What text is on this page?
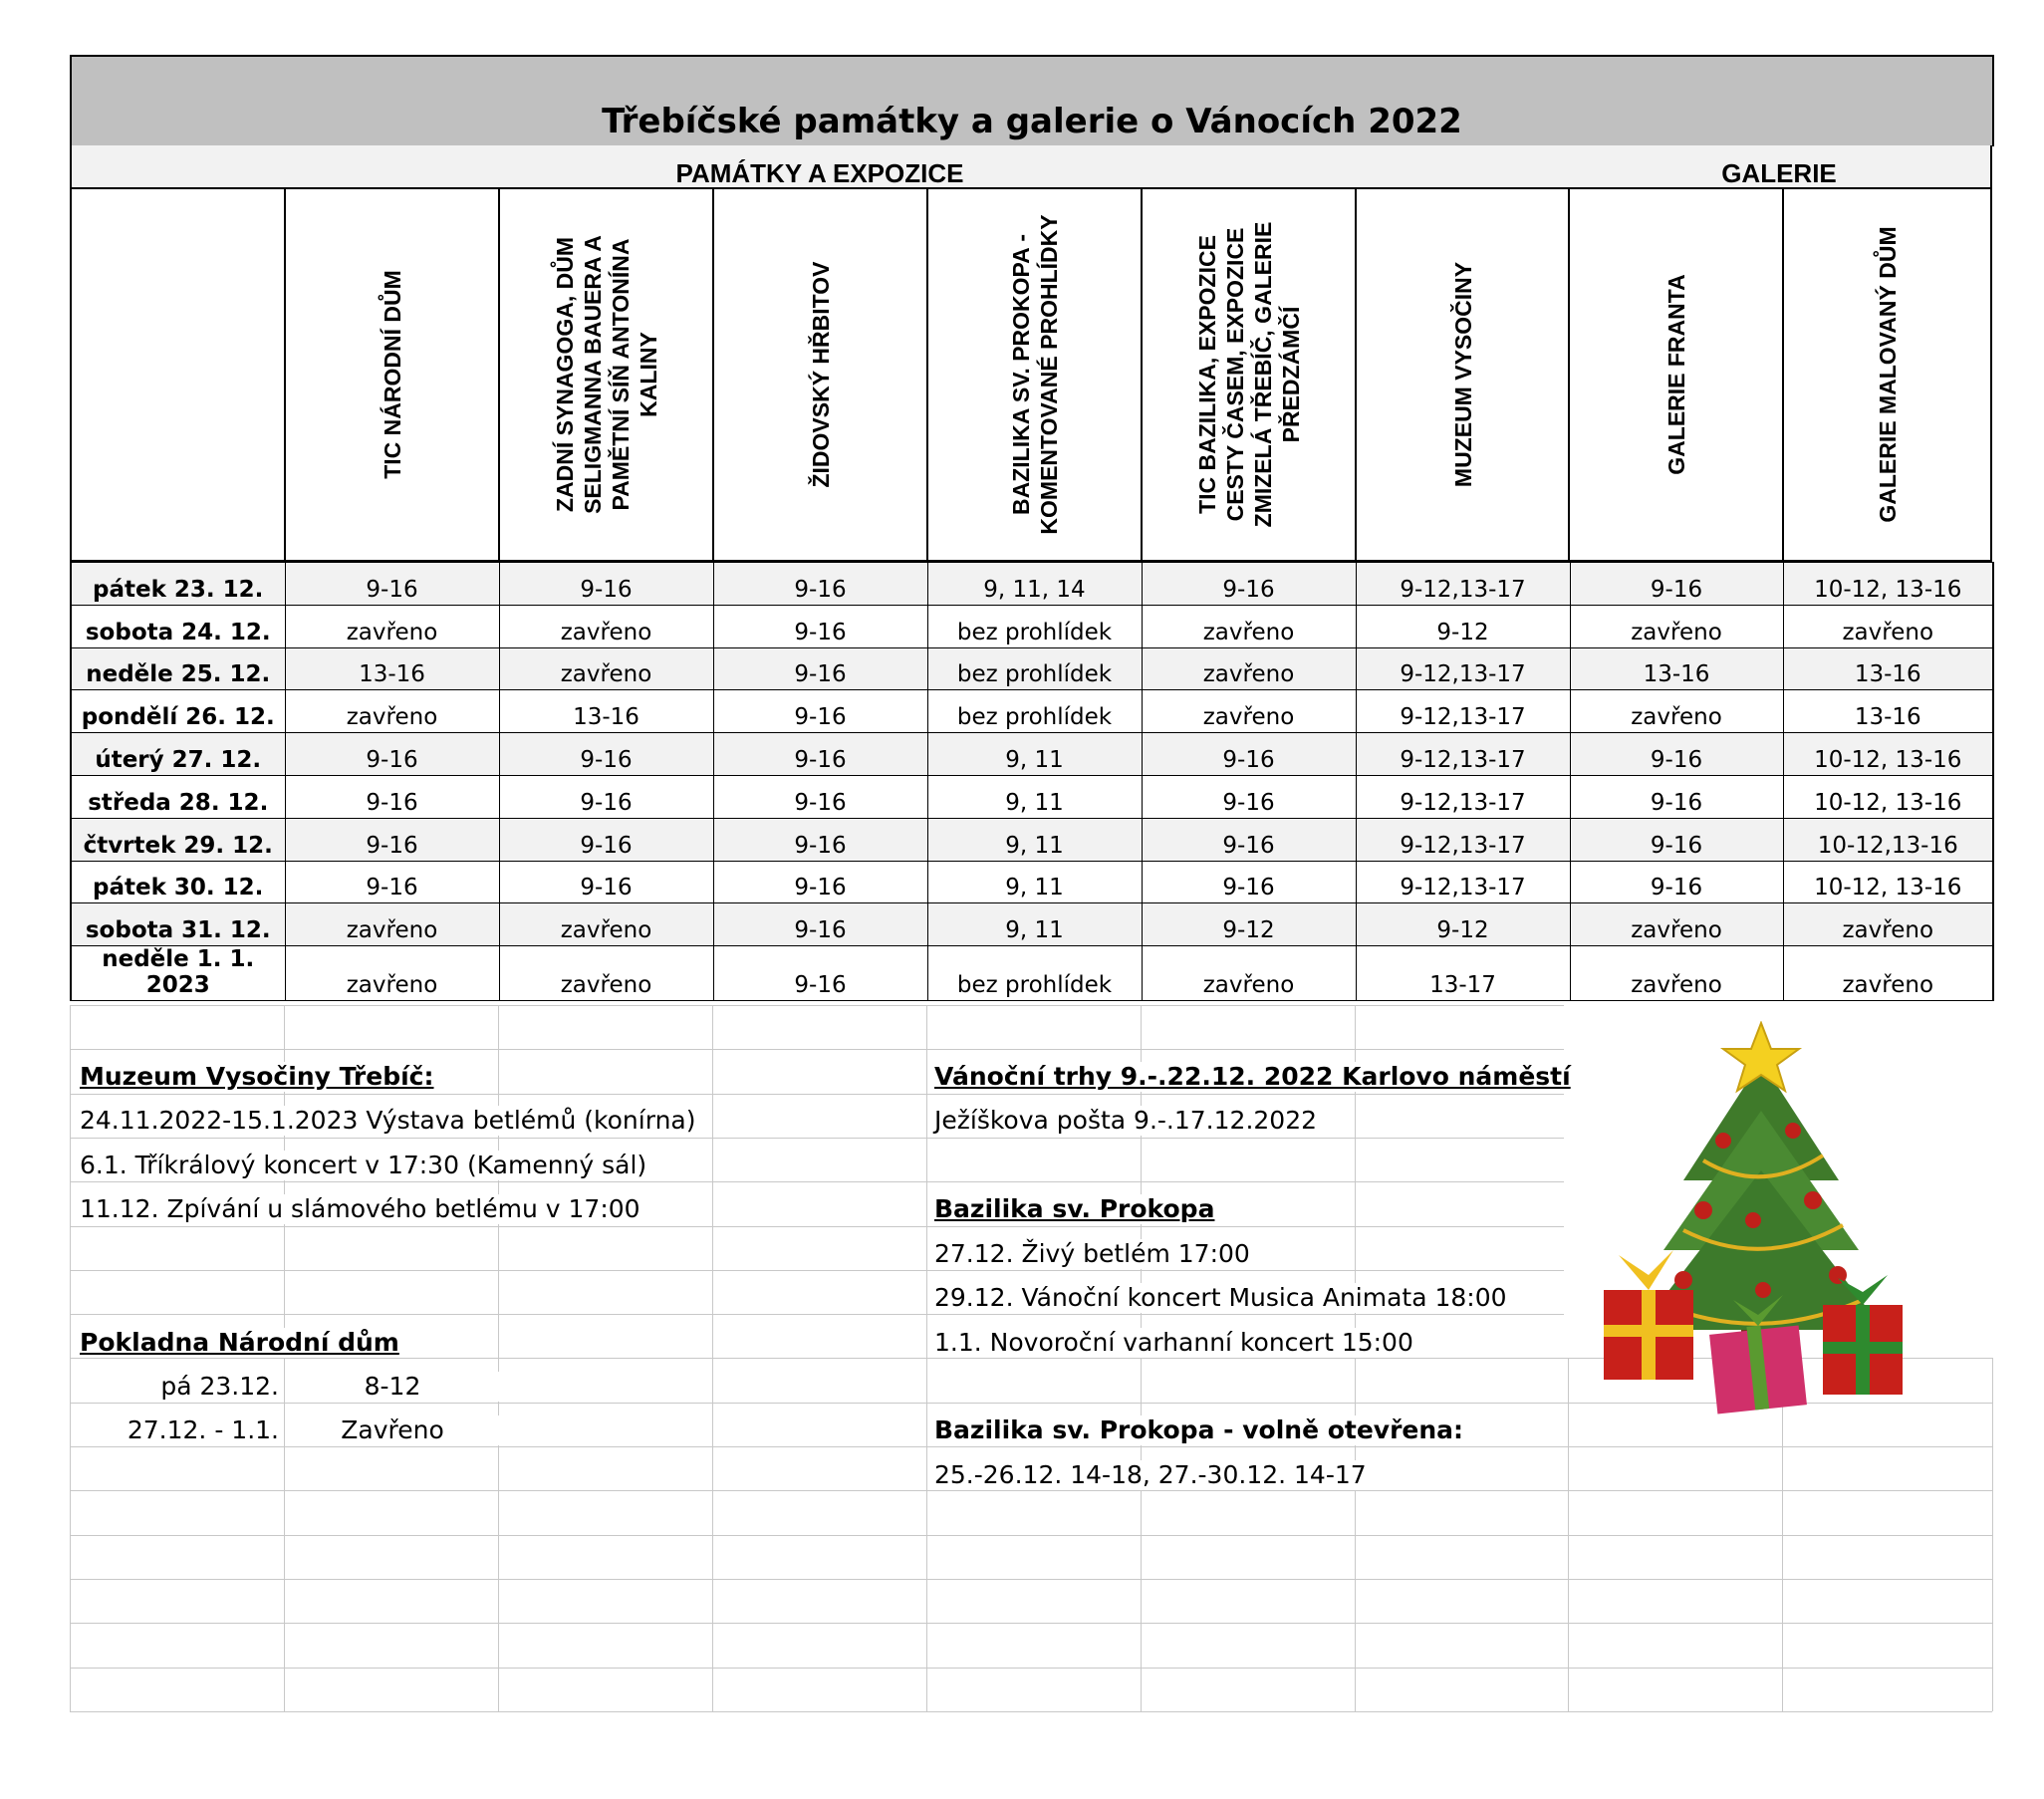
Třebíčské památky a galerie o Vánocích 2022
PAMÁTKY A EXPOZICE	GALERIE
TIC NÁRODNÍ DŮM	ZADNÍ SYNAGOGA, DŮM SELIGMANNA BAUERA A PAMĚTNÍ SÍŇ ANTONÍNA KALINY	ŽIDOVSKÝ HŘBITOV	BAZILIKA SV. PROKOPA - KOMENTOVANÉ PROHLÍDKY	TIC BAZILIKA, EXPOZICE CESTY ČASEM, EXPOZICE ZMIZELÁ TŘEBÍČ, GALERIE PŘEDZÁMČÍ	MUZEUM VYSOČINY	GALERIE FRANTA	GALERIE MALOVANÝ DŮM
pátek 23. 12.	9-16	9-16	9-16	9, 11, 14	9-16	9-12,13-17	9-16	10-12, 13-16
sobota 24. 12.	zavřeno	zavřeno	9-16	bez prohlídek	zavřeno	9-12	zavřeno	zavřeno
neděle 25. 12.	13-16	zavřeno	9-16	bez prohlídek	zavřeno	9-12,13-17	13-16	13-16
pondělí 26. 12.	zavřeno	13-16	9-16	bez prohlídek	zavřeno	9-12,13-17	zavřeno	13-16
úterý 27. 12.	9-16	9-16	9-16	9, 11	9-16	9-12,13-17	9-16	10-12, 13-16
středa 28. 12.	9-16	9-16	9-16	9, 11	9-16	9-12,13-17	9-16	10-12, 13-16
čtvrtek 29. 12.	9-16	9-16	9-16	9, 11	9-16	9-12,13-17	9-16	10-12,13-16
pátek 30. 12.	9-16	9-16	9-16	9, 11	9-16	9-12,13-17	9-16	10-12, 13-16
sobota 31. 12.	zavřeno	zavřeno	9-16	9, 11	9-12	9-12	zavřeno	zavřeno
neděle 1. 1. 2023	zavřeno	zavřeno	9-16	bez prohlídek	zavřeno	13-17	zavřeno	zavřeno
Muzeum Vysočiny Třebíč:
24.11.2022-15.1.2023 Výstava betlémů (konírna)
6.1. Tříkrálový koncert v 17:30 (Kamenný sál)
11.12. Zpívání u slámového betlému v 17:00
Pokladna Národní dům
pá 23.12.	8-12
27.12. - 1.1.	Zavřeno
Vánoční trhy 9.-.22.12. 2022 Karlovo náměstí
Ježíškova pošta 9.-.17.12.2022
Bazilika sv. Prokopa
27.12. Živý betlém 17:00
29.12. Vánoční koncert Musica Animata 18:00
1.1. Novoroční varhanní koncert 15:00
Bazilika sv. Prokopa - volně otevřena:
25.-26.12. 14-18, 27.-30.12. 14-17
